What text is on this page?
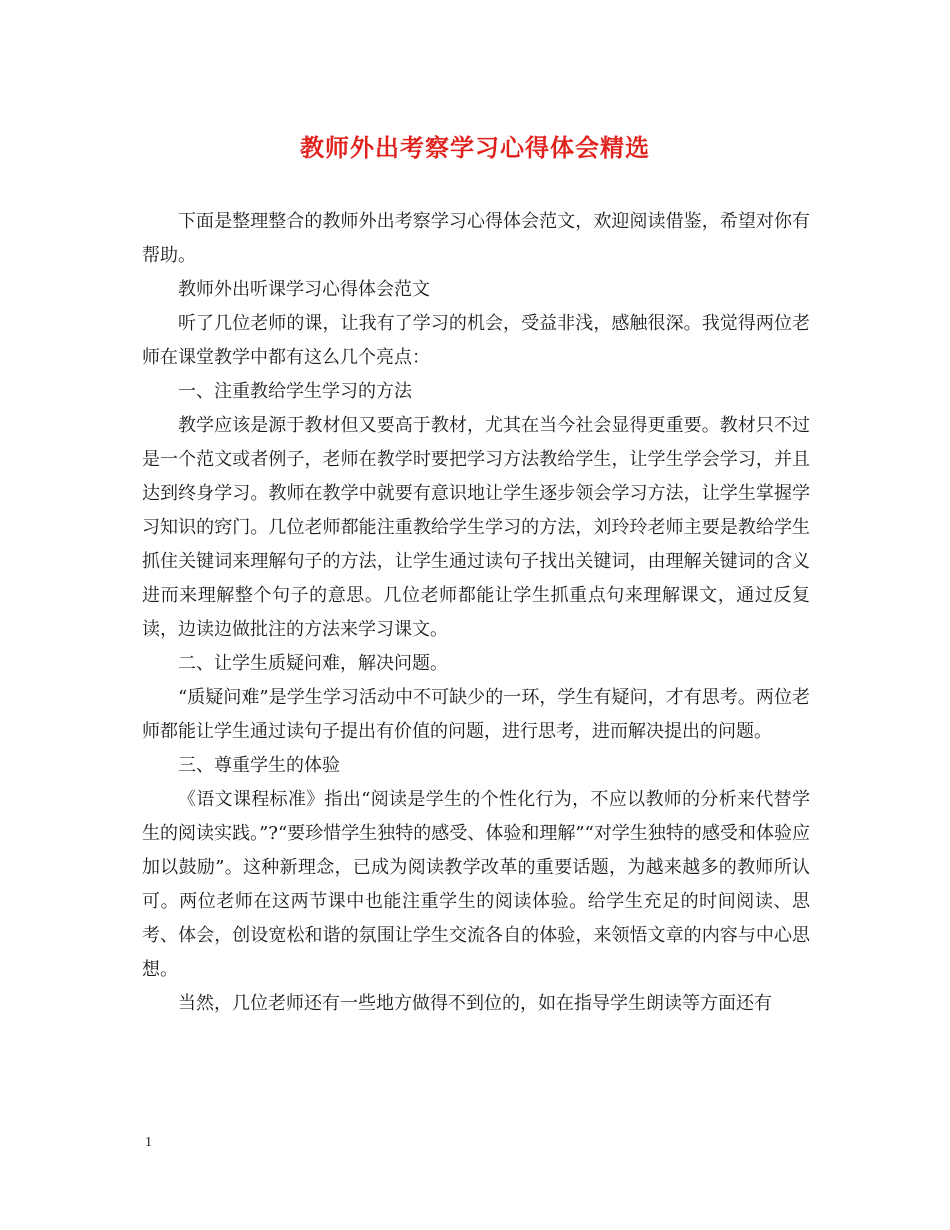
教师外出考察学习心得体会精选

下面是整理整合的教师外出考察学习心得体会范文，欢迎阅读借鉴，希望对你有帮助。

教师外出听课学习心得体会范文

听了几位老师的课，让我有了学习的机会，受益非浅，感触很深。我觉得两位老师在课堂教学中都有这么几个亮点：

一、注重教给学生学习的方法

教学应该是源于教材但又要高于教材，尤其在当今社会显得更重要。教材只不过是一个范文或者例子，老师在教学时要把学习方法教给学生，让学生学会学习，并且达到终身学习。教师在教学中就要有意识地让学生逐步领会学习方法，让学生掌握学习知识的窍门。几位老师都能注重教给学生学习的方法，刘玲玲老师主要是教给学生抓住关键词来理解句子的方法，让学生通过读句子找出关键词，由理解关键词的含义进而来理解整个句子的意思。几位老师都能让学生抓重点句来理解课文，通过反复读，边读边做批注的方法来学习课文。

二、让学生质疑问难，解决问题。

“质疑问难”是学生学习活动中不可缺少的一环，学生有疑问，才有思考。两位老师都能让学生通过读句子提出有价值的问题，进行思考，进而解决提出的问题。

三、尊重学生的体验

《语文课程标准》指出“阅读是学生的个性化行为，不应以教师的分析来代替学生的阅读实践。”?“要珍惜学生独特的感受、体验和理解”“对学生独特的感受和体验应加以鼓励”。这种新理念，已成为阅读教学改革的重要话题，为越来越多的教师所认可。两位老师在这两节课中也能注重学生的阅读体验。给学生充足的时间阅读、思考、体会，创设宽松和谐的氛围让学生交流各自的体验，来领悟文章的内容与中心思想。

当然，几位老师还有一些地方做得不到位的，如在指导学生朗读等方面还有

1
